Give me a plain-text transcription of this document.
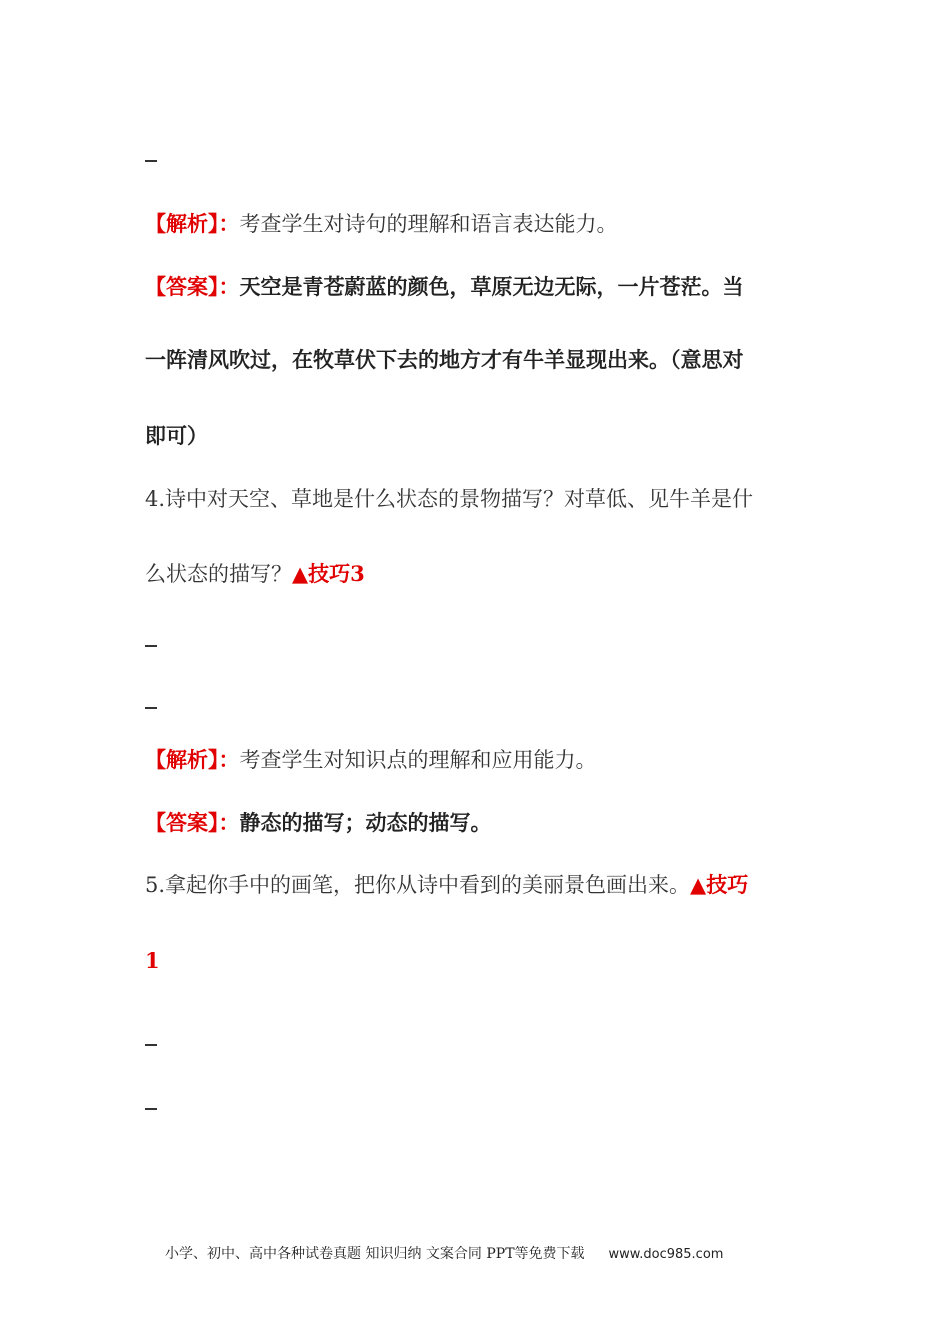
【解析】：考查学生对诗句的理解和语言表达能力。
【答案】：天空是青苍蔚蓝的颜色，草原无边无际，一片苍茫。当
一阵清风吹过，在牧草伏下去的地方才有牛羊显现出来。（意思对
即可）
4.诗中对天空、草地是什么状态的景物描写？对草低、见牛羊是什
么状态的描写？▲技巧3
【解析】：考查学生对知识点的理解和应用能力。
【答案】：静态的描写；动态的描写。
5.拿起你手中的画笔，把你从诗中看到的美丽景色画出来。▲技巧
1
小学、初中、高中各种试卷真题 知识归纳 文案合同 PPT等免费下载 www.doc985.com
